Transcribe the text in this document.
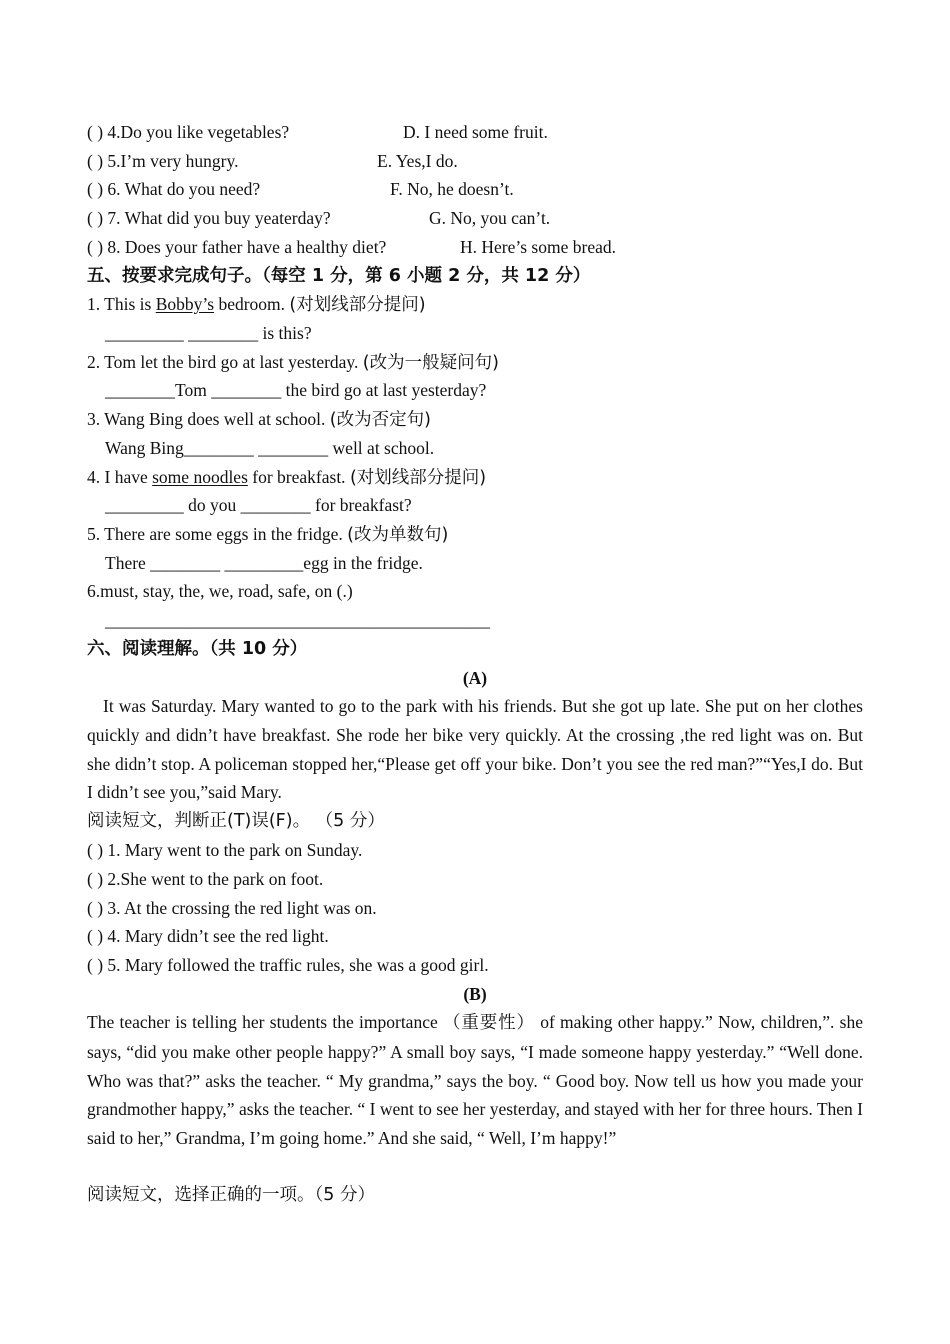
( ) 4.Do you like vegetables?	D. I need some fruit.
( ) 5.I’m very hungry.	E. Yes,I do.
( ) 6. What do you need?	F. No, he doesn’t.
( ) 7. What did you buy yeaterday?	G. No, you can’t.
( ) 8. Does your father have a healthy diet?	H. Here’s some bread.
五、按要求完成句子。（每空 1 分，第 6 小题 2 分，共 12 分）
1. This is Bobby’s bedroom. (对划线部分提问)
_________ ________ is this?
2. Tom let the bird go at last yesterday. (改为一般疑问句)
________Tom ________ the bird go at last yesterday?
3. Wang Bing does well at school. (改为否定句)
Wang Bing________ ________ well at school.
4. I have some noodles for breakfast. (对划线部分提问)
_________ do you ________ for breakfast?
5. There are some eggs in the fridge. (改为单数句)
There ________ _________egg in the fridge.
6.must, stay, the, we, road, safe, on (.)
____________________________________________
六、阅读理解。（共 10 分）
(A)

It was Saturday. Mary wanted to go to the park with his friends. But she got up late. She put on her clothes quickly and didn’t have breakfast. She rode her bike very quickly. At the crossing ,the red light was on. But she didn’t stop. A policeman stopped her,“Please get off your bike. Don’t you see the red man?”“Yes,I do. But I didn’t see you,”said Mary.

阅读短文，判断正(T)误(F)。 （5 分）
( ) 1. Mary went to the park on Sunday.
( ) 2.She went to the park on foot.
( ) 3. At the crossing the red light was on.
( ) 4. Mary didn’t see the red light.
( ) 5. Mary followed the traffic rules, she was a good girl.
(B)

The teacher is telling her students the importance （重要性） of making other happy.” Now, children,”. she says, “did you make other people happy?” A small boy says, “I made someone happy yesterday.” “Well done. Who was that?” asks the teacher. “ My grandma,” says the boy. “ Good boy. Now tell us how you made your grandmother happy,” asks the teacher. “ I went to see her yesterday, and stayed with her for three hours. Then I said to her,” Grandma, I’m going home.” And she said, “ Well, I’m happy!”

阅读短文，选择正确的一项。（5 分）
